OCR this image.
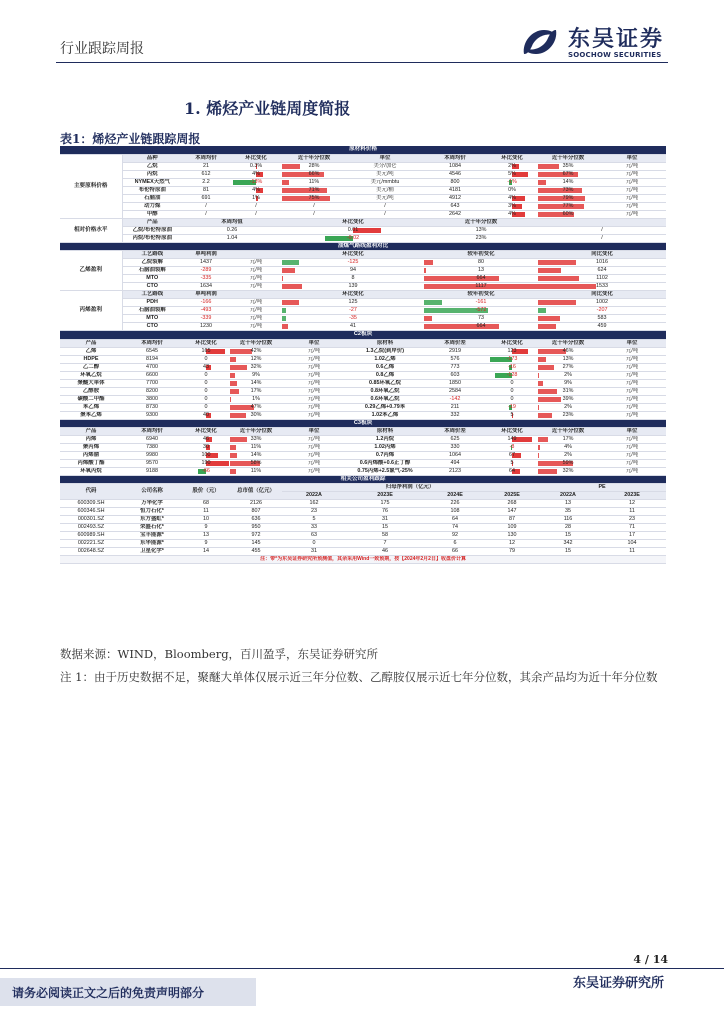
行业跟踪周报	东吴证券
SOOCHOW SECURITIES
1. 烯烃产业链周度简报
表1：烯烃产业链跟踪周报
原材料价格									
主要原料价格	品种	本周均价	环比变化	近十年分位数	单位	本周均价	环比变化	近十年分位数	单位
	乙烷	21	0.3%	28%	美分/加仑	1084	2%	35%	元/吨
	丙烷	612	4%	66%	美元/吨	4546	5%	67%	元/吨
	NYMEX天然气	2.2	-13%	11%	美元/mmbtu	800	-1%	14%	元/吨
	布伦特原油	81	4%	71%	美元/桶	4181	0%	73%	元/吨
	石脑油	691	1%	75%	美元/吨	4912	4%	79%	元/吨
	动力煤	/	/	/	/	643	3%	77%	元/吨
	甲醇	/	/	/	/	2642	4%	60%	元/吨
相对价格水平	产品	本周均值		环比变化		近十年分位数			
	乙烷/布伦特原油	0.26		0.01		13%		/	
	丙烷/布伦特原油	1.04		-0.02		23%		/	
油煤气路线盈利对比									
乙烯盈利	工艺路线	单吨利润		环比变化		较年初变化		同比变化	
	乙烷裂解	1437	元/吨	-125		80		1016	

	石脑油裂解	-289	元/吨	94		13		624	

	MTO	-335	元/吨	8		664		1102	

	CTO	1634	元/吨	139		1117		1533	

丙烯盈利	工艺路线	单吨利润		环比变化		较年初变化		同比变化	
	PDH	-166	元/吨	125		-161		1002	

	石脑油裂解	-493	元/吨	-27		-572		-207	

	MTO	-339	元/吨	-35		73		583	

	CTO	1230	元/吨	41		664		459	

C2板块									
产品	本周均价	环比变化	近十年分位数	单位	原材料	本周价差	环比变化	近十年分位数	单位
乙烯	6545	165	42%	元/吨	1.3乙烷(到岸价)	2919	123	46%	元/吨
HDPE	8194	0	12%	元/吨	1.02乙烯	576	-173	13%	元/吨
乙二醇	4700	43	32%	元/吨	0.6乙烯	773	-16	27%	元/吨
环氧乙烷	6600	0	9%	元/吨	0.8乙烯	603	-128	2%	元/吨
聚醚大单体	7700	0	14%	元/吨	0.85环氧乙烷	1850	0	9%	元/吨
乙醇胺	8200	0	17%	元/吨	0.8环氧乙烷	2584	0	31%	元/吨
碳酸二甲酯	3800	0	1%	元/吨	0.6环氧乙烷	-142	0	39%	元/吨
苯乙烯	8730	0	47%	元/吨	0.29乙烯+0.79苯	211	-19	2%	元/吨
聚苯乙烯	9300	40	30%	元/吨	1.02苯乙烯	332	5	23%	元/吨
C3板块									
产品	本周均价	环比变化	近十年分位数	单位	原材料	本周价差	环比变化	近十年分位数	单位
丙烯	6940	46	33%	元/吨	1.2丙烷	625	149	17%	元/吨
聚丙烯	7380	30	11%	元/吨	1.02丙烯	330	-8	4%	元/吨
丙烯腈	9980	100	14%	元/吨	0.7丙烯	1064	67	2%	元/吨
丙烯酸丁酯	9570	190	58%	元/吨	0.6丙烯酸+0.6正丁醇	494	5	59%	元/吨
环氧丙烷	9188	-66	11%	元/吨	0.75丙烯+2.5氯气-25%	2123	64	32%	元/吨
相关公司盈利跟踪									
代码	公司名称	股价（元）	总市值（亿元）	归母净利润（亿元）				PE	
				2022A	2023E	2024E	2025E	2022A	2023E
600309.SH	万华化学	68	2126	162	175	226	268	13	12
600346.SH	恒力石化*	11	807	23	76	108	147	35	11
000301.SZ	东方盛虹*	10	636	5	31	64	87	116	23
002493.SZ	荣盛石化*	9	950	33	15	74	109	28	71
600989.SH	宝丰能源*	13	972	63	58	92	130	15	17
002221.SZ	东华能源*	9	145	0	7	6	12	342	104
002648.SZ	卫星化学*	14	455	31	46	66	79	15	11
注：带*为东吴证券研究所预测值，其余采用Wind一致预期，按【2024年2月2日】收盘价计算									
数据来源：WIND，Bloomberg，百川盈孚，东吴证券研究所
注 1：由于历史数据不足，聚醚大单体仅展示近三年分位数、乙醇胺仅展示近七年分位数，其余产品均为近十年分位数
4 / 14
请务必阅读正文之后的免责声明部分
东吴证券研究所
